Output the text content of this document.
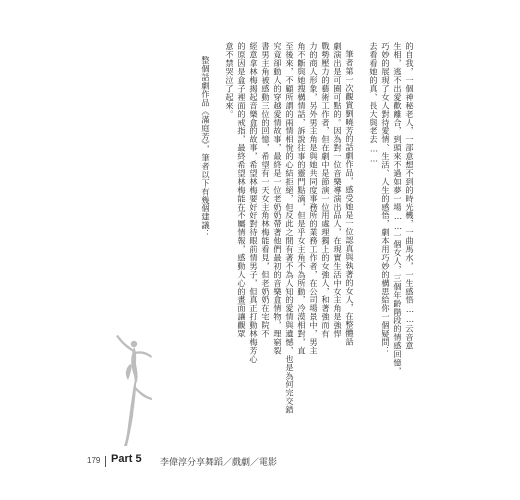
的自我，一個神秘老人，一部意想不到的時光機，一曲馬水，一生感悟……云音意
生相，逃不出愛歡離合，到頭來不過如夢一場……一個女人，三個年齡階段的情感回憶，
巧妙的展現了女人對待愛情、生活、人生的感悟，劇本用巧妙的構思給你一個疑問：
去看看她的真、長大與老去……
筆者第一次觀賞劉曉芳的話劇作品，感受她是一位認真與執著的女人，在整體話
劇演出是可圈可點的。因為對一位音樂導演出品人，在現實生活中女主角是強悍
戰勢壓力的藝術工作者，但在劇中是節演一位用處理獨上的女強人，和著強而有
力的商人形象，另外男主角是與她共同度事務所的業務工作者，在公司場景中，男主
角不斷與她搜構情話，訴說往事的靈門點滴，但是乎女主角不為所動，冷漠相對，直
至後來，不顧所謂的兩情相悅的心結拒絕，但反此之間有著不為人知的愛情與遺憾，也是為何完交錯
究竟卻動人的穿越愛情故事，最終是一位老奶奶帶著他們最初的音樂盒情物，理窮裂
書男主角被感動三位的回憶，希望有一天女主角林梅能看見，但老奶奶在宅院不
經意拿林梅揭起音樂盒的故事，希望林梅要好好對待眼前情男子，但真正打動林梅芳心
的原因是盒子裡面的戒指，最終希望林梅能在不屬情報，感動人心的畫面讓觀眾
意不禁哭泣了起來。
整個話劇作品《滿庭芳》，筆者以下有幾個建議：
179 Part 5 李偉淳分享舞蹈／戲劇／電影
